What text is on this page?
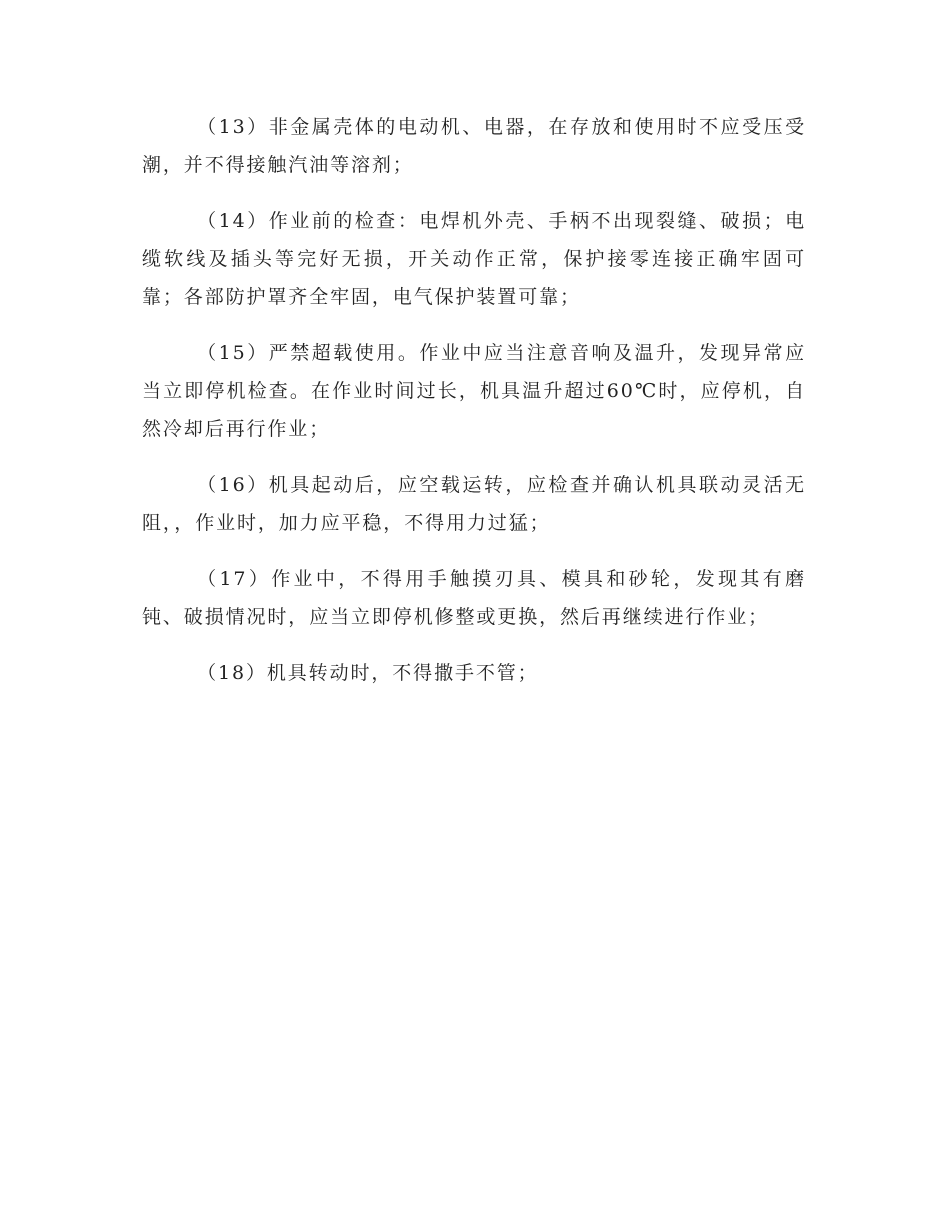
（13）非金属壳体的电动机、电器，在存放和使用时不应受压受潮，并不得接触汽油等溶剂；

（14）作业前的检查：电焊机外壳、手柄不出现裂缝、破损；电缆软线及插头等完好无损，开关动作正常，保护接零连接正确牢固可靠；各部防护罩齐全牢固，电气保护装置可靠；

（15）严禁超载使用。作业中应当注意音响及温升，发现异常应当立即停机检查。在作业时间过长，机具温升超过60℃时，应停机，自然冷却后再行作业；

（16）机具起动后，应空载运转，应检查并确认机具联动灵活无阻，，作业时，加力应平稳，不得用力过猛；

（17）作业中，不得用手触摸刃具、模具和砂轮，发现其有磨钝、破损情况时，应当立即停机修整或更换，然后再继续进行作业；

（18）机具转动时，不得撒手不管；
